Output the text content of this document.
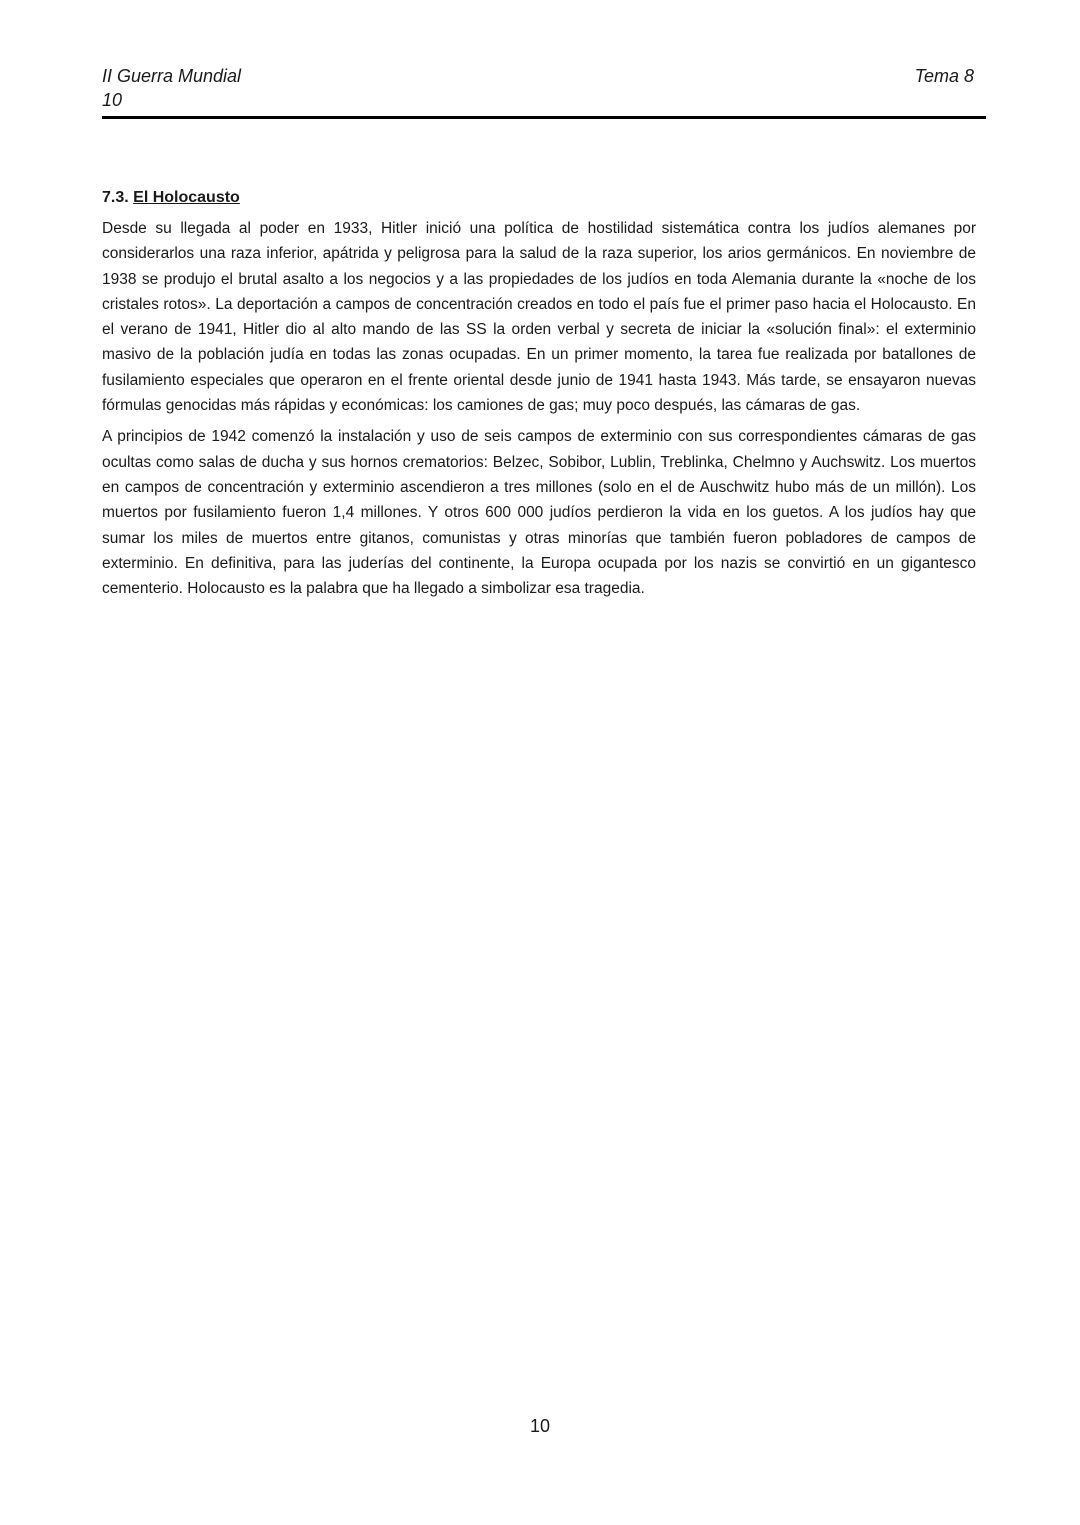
II Guerra Mundial
10
Tema 8
7.3. El Holocausto

Desde su llegada al poder en 1933, Hitler inició una política de hostilidad sistemática contra los judíos alemanes por considerarlos una raza inferior, apátrida y peligrosa para la salud de la raza superior, los arios germánicos. En noviembre de 1938 se produjo el brutal asalto a los negocios y a las propiedades de los judíos en toda Alemania durante la «noche de los cristales rotos». La deportación a campos de concentración creados en todo el país fue el primer paso hacia el Holocausto. En el verano de 1941, Hitler dio al alto mando de las SS la orden verbal y secreta de iniciar la «solución final»: el exterminio masivo de la población judía en todas las zonas ocupadas. En un primer momento, la tarea fue realizada por batallones de fusilamiento especiales que operaron en el frente oriental desde junio de 1941 hasta 1943. Más tarde, se ensayaron nuevas fórmulas genocidas más rápidas y económicas: los camiones de gas; muy poco después, las cámaras de gas.

A principios de 1942 comenzó la instalación y uso de seis campos de exterminio con sus correspondientes cámaras de gas ocultas como salas de ducha y sus hornos crematorios: Belzec, Sobibor, Lublin, Treblinka, Chelmno y Auchswitz. Los muertos en campos de concentración y exterminio ascendieron a tres millones (solo en el de Auschwitz hubo más de un millón). Los muertos por fusilamiento fueron 1,4 millones. Y otros 600 000 judíos perdieron la vida en los guetos. A los judíos hay que sumar los miles de muertos entre gitanos, comunistas y otras minorías que también fueron pobladores de campos de exterminio. En definitiva, para las juderías del continente, la Europa ocupada por los nazis se convirtió en un gigantesco cementerio. Holocausto es la palabra que ha llegado a simbolizar esa tragedia.

10
